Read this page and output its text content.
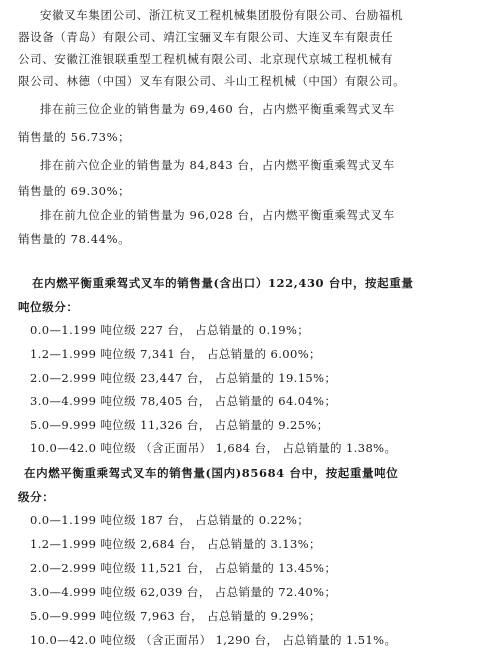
安徽叉车集团公司、浙江杭叉工程机械集团股份有限公司、台励福机
器设备（青岛）有限公司、靖江宝骊叉车有限公司、大连叉车有限责任
公司、安徽江淮银联重型工程机械有限公司、北京现代京城工程机械有
限公司、林德（中国）叉车有限公司、斗山工程机械（中国）有限公司。
排在前三位企业的销售量为 69,460 台，占内燃平衡重乘驾式叉车
销售量的 56.73%；
排在前六位企业的销售量为 84,843 台，占内燃平衡重乘驾式叉车
销售量的 69.30%；
排在前九位企业的销售量为 96,028 台，占内燃平衡重乘驾式叉车
销售量的 78.44%。
在内燃平衡重乘驾式叉车的销售量(含出口）122,430 台中，按起重量
吨位级分：
0.0—1.199 吨位级 227 台， 占总销量的 0.19%；
1.2—1.999 吨位级 7,341 台， 占总销量的 6.00%；
2.0—2.999 吨位级 23,447 台， 占总销量的 19.15%；
3.0—4.999 吨位级 78,405 台， 占总销量的 64.04%；
5.0—9.999 吨位级 11,326 台， 占总销量的 9.25%；
10.0—42.0 吨位级 （含正面吊） 1,684 台， 占总销量的 1.38%。
在内燃平衡重乘驾式叉车的销售量(国内)85684 台中，按起重量吨位
级分：
0.0—1.199 吨位级 187 台， 占总销量的 0.22%；
1.2—1.999 吨位级 2,684 台， 占总销量的 3.13%；
2.0—2.999 吨位级 11,521 台， 占总销量的 13.45%；
3.0—4.999 吨位级 62,039 台， 占总销量的 72.40%；
5.0—9.999 吨位级 7,963 台， 占总销量的 9.29%；
10.0—42.0 吨位级 （含正面吊） 1,290 台， 占总销量的 1.51%。
